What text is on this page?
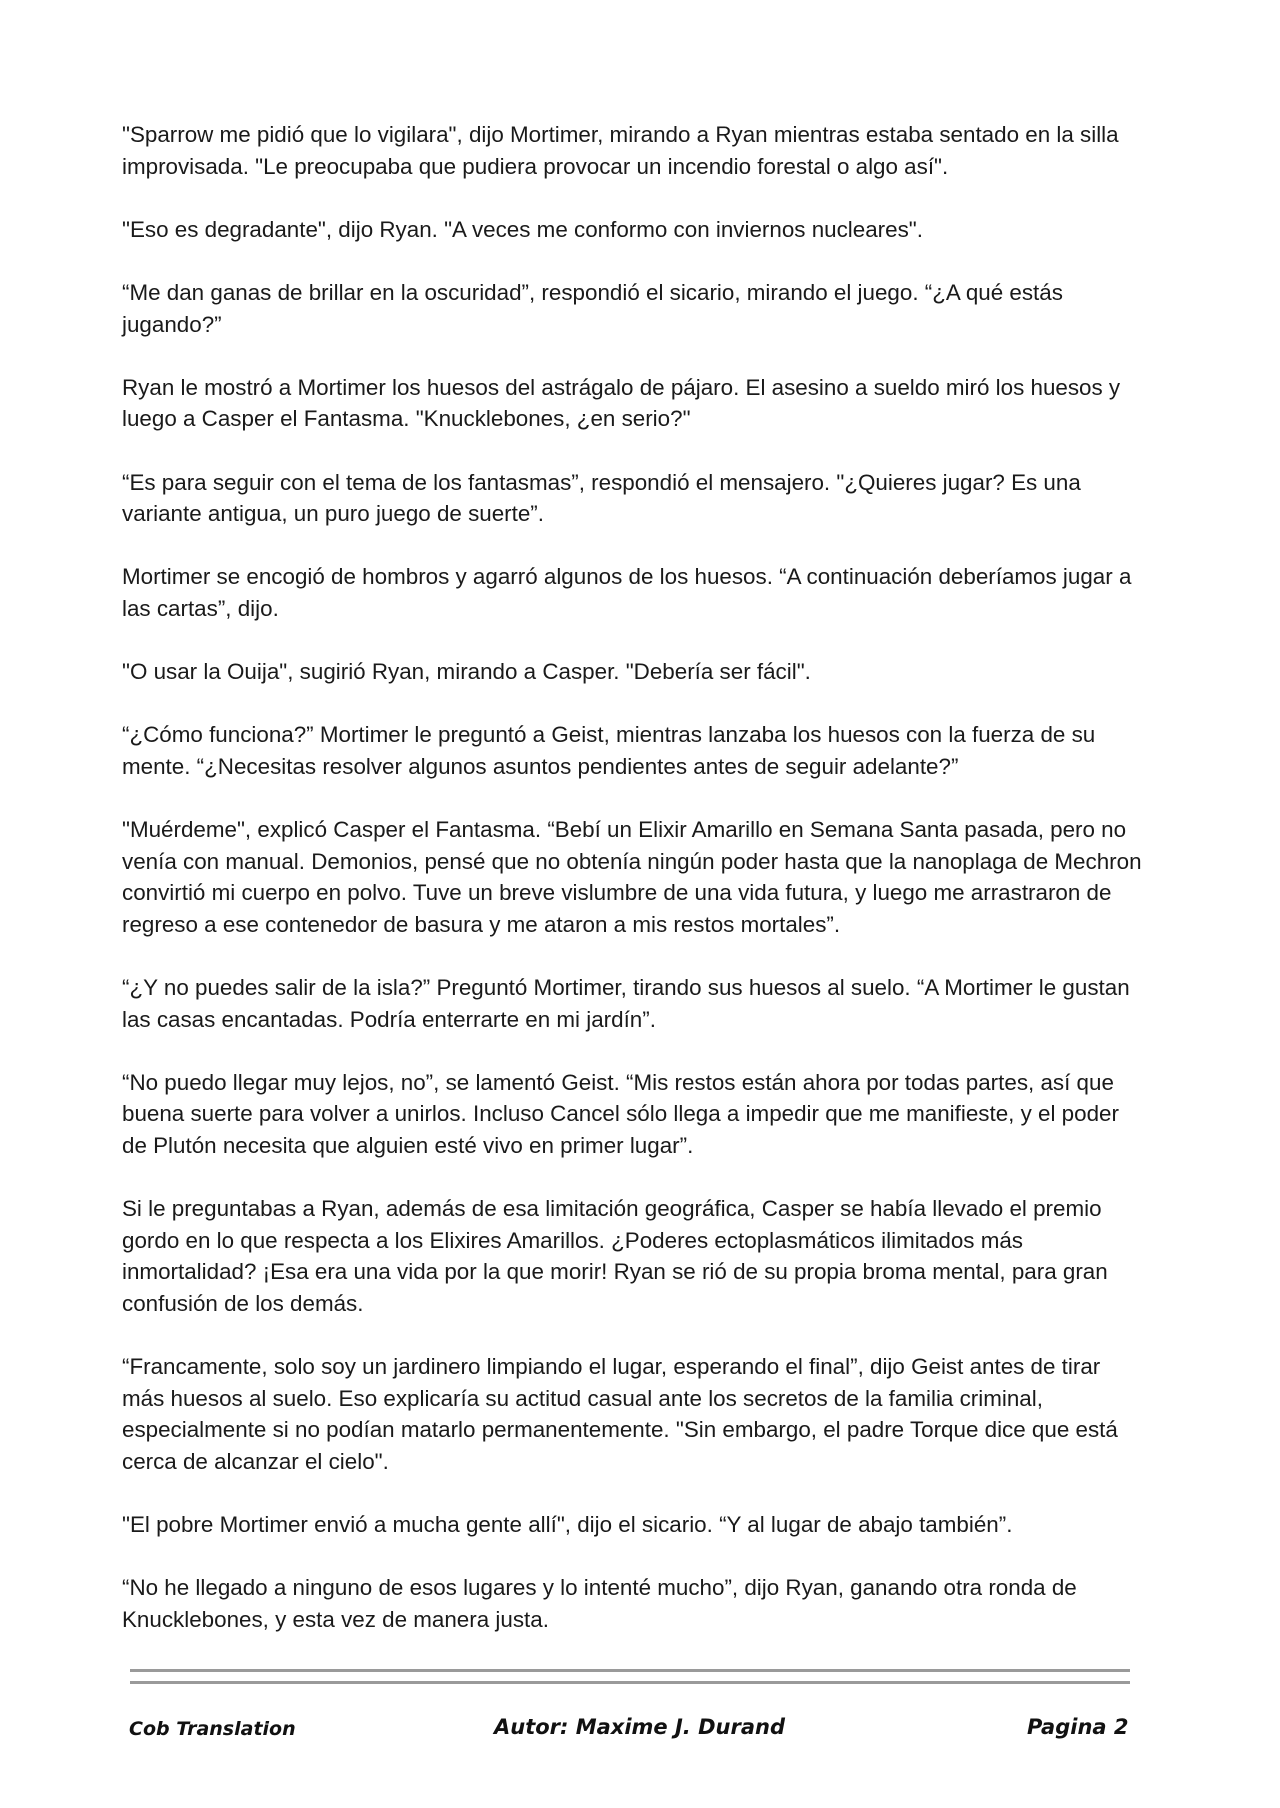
"Sparrow me pidió que lo vigilara", dijo Mortimer, mirando a Ryan mientras estaba sentado en la silla improvisada. "Le preocupaba que pudiera provocar un incendio forestal o algo así".

"Eso es degradante", dijo Ryan. "A veces me conformo con inviernos nucleares".

“Me dan ganas de brillar en la oscuridad”, respondió el sicario, mirando el juego. “¿A qué estás jugando?”

Ryan le mostró a Mortimer los huesos del astrágalo de pájaro. El asesino a sueldo miró los huesos y luego a Casper el Fantasma. "Knucklebones, ¿en serio?"

“Es para seguir con el tema de los fantasmas”, respondió el mensajero. "¿Quieres jugar? Es una variante antigua, un puro juego de suerte”.

Mortimer se encogió de hombros y agarró algunos de los huesos. “A continuación deberíamos jugar a las cartas”, dijo.

"O usar la Ouija", sugirió Ryan, mirando a Casper. "Debería ser fácil".

“¿Cómo funciona?” Mortimer le preguntó a Geist, mientras lanzaba los huesos con la fuerza de su mente. “¿Necesitas resolver algunos asuntos pendientes antes de seguir adelante?”

"Muérdeme", explicó Casper el Fantasma. “Bebí un Elixir Amarillo en Semana Santa pasada, pero no venía con manual. Demonios, pensé que no obtenía ningún poder hasta que la nanoplaga de Mechron convirtió mi cuerpo en polvo. Tuve un breve vislumbre de una vida futura, y luego me arrastraron de regreso a ese contenedor de basura y me ataron a mis restos mortales”.

“¿Y no puedes salir de la isla?” Preguntó Mortimer, tirando sus huesos al suelo. “A Mortimer le gustan las casas encantadas. Podría enterrarte en mi jardín”.

“No puedo llegar muy lejos, no”, se lamentó Geist. “Mis restos están ahora por todas partes, así que buena suerte para volver a unirlos. Incluso Cancel sólo llega a impedir que me manifieste, y el poder de Plutón necesita que alguien esté vivo en primer lugar”.

Si le preguntabas a Ryan, además de esa limitación geográfica, Casper se había llevado el premio gordo en lo que respecta a los Elixires Amarillos. ¿Poderes ectoplasmáticos ilimitados más inmortalidad? ¡Esa era una vida por la que morir! Ryan se rió de su propia broma mental, para gran confusión de los demás.

“Francamente, solo soy un jardinero limpiando el lugar, esperando el final”, dijo Geist antes de tirar más huesos al suelo. Eso explicaría su actitud casual ante los secretos de la familia criminal, especialmente si no podían matarlo permanentemente. "Sin embargo, el padre Torque dice que está cerca de alcanzar el cielo".

"El pobre Mortimer envió a mucha gente allí", dijo el sicario. “Y al lugar de abajo también”.

“No he llegado a ninguno de esos lugares y lo intenté mucho”, dijo Ryan, ganando otra ronda de Knucklebones, y esta vez de manera justa.

Cob Translation	Autor: Maxime J. Durand	Pagina 2
